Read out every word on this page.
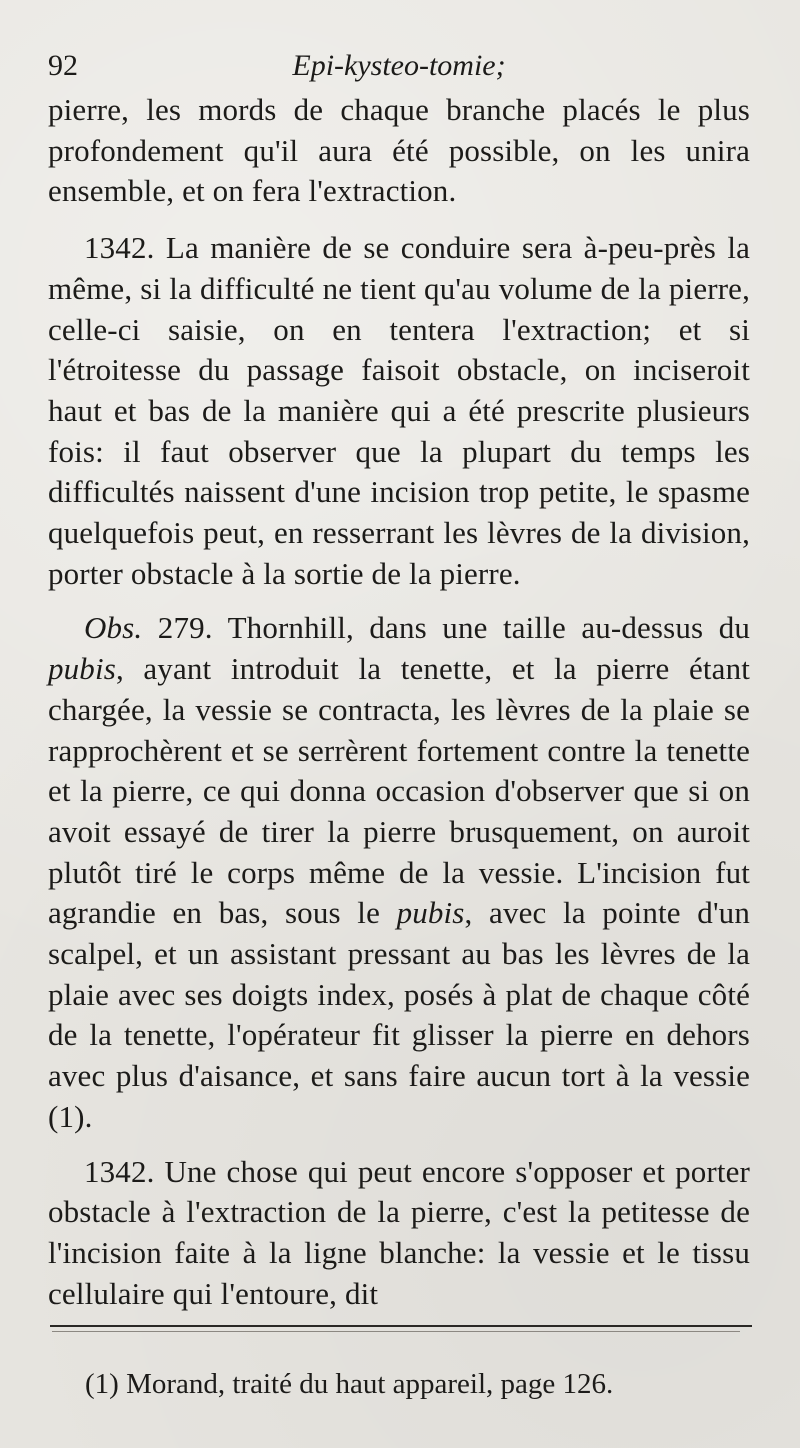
92	Epi-kysteo-tomie;

pierre, les mords de chaque branche placés le plus profondement qu'il aura été possible, on les unira ensemble, et on fera l'extraction.

1342. La manière de se conduire sera à-peu-près la même, si la difficulté ne tient qu'au volume de la pierre, celle-ci saisie, on en tentera l'extraction; et si l'étroitesse du passage faisoit obstacle, on inciseroit haut et bas de la manière qui a été prescrite plusieurs fois: il faut observer que la plupart du temps les difficultés naissent d'une incision trop petite, le spasme quelquefois peut, en resserrant les lèvres de la division, porter obstacle à la sortie de la pierre.

Obs. 279. Thornhill, dans une taille au-dessus du pubis, ayant introduit la tenette, et la pierre étant chargée, la vessie se contracta, les lèvres de la plaie se rapprochèrent et se serrèrent fortement contre la tenette et la pierre, ce qui donna occasion d'observer que si on avoit essayé de tirer la pierre brusquement, on auroit plutôt tiré le corps même de la vessie. L'incision fut agrandie en bas, sous le pubis, avec la pointe d'un scalpel, et un assistant pressant au bas les lèvres de la plaie avec ses doigts index, posés à plat de chaque côté de la tenette, l'opérateur fit glisser la pierre en dehors avec plus d'aisance, et sans faire aucun tort à la vessie (1).

1342. Une chose qui peut encore s'opposer et porter obstacle à l'extraction de la pierre, c'est la petitesse de l'incision faite à la ligne blanche: la vessie et le tissu cellulaire qui l'entoure, dit

(1) Morand, traité du haut appareil, page 126.
